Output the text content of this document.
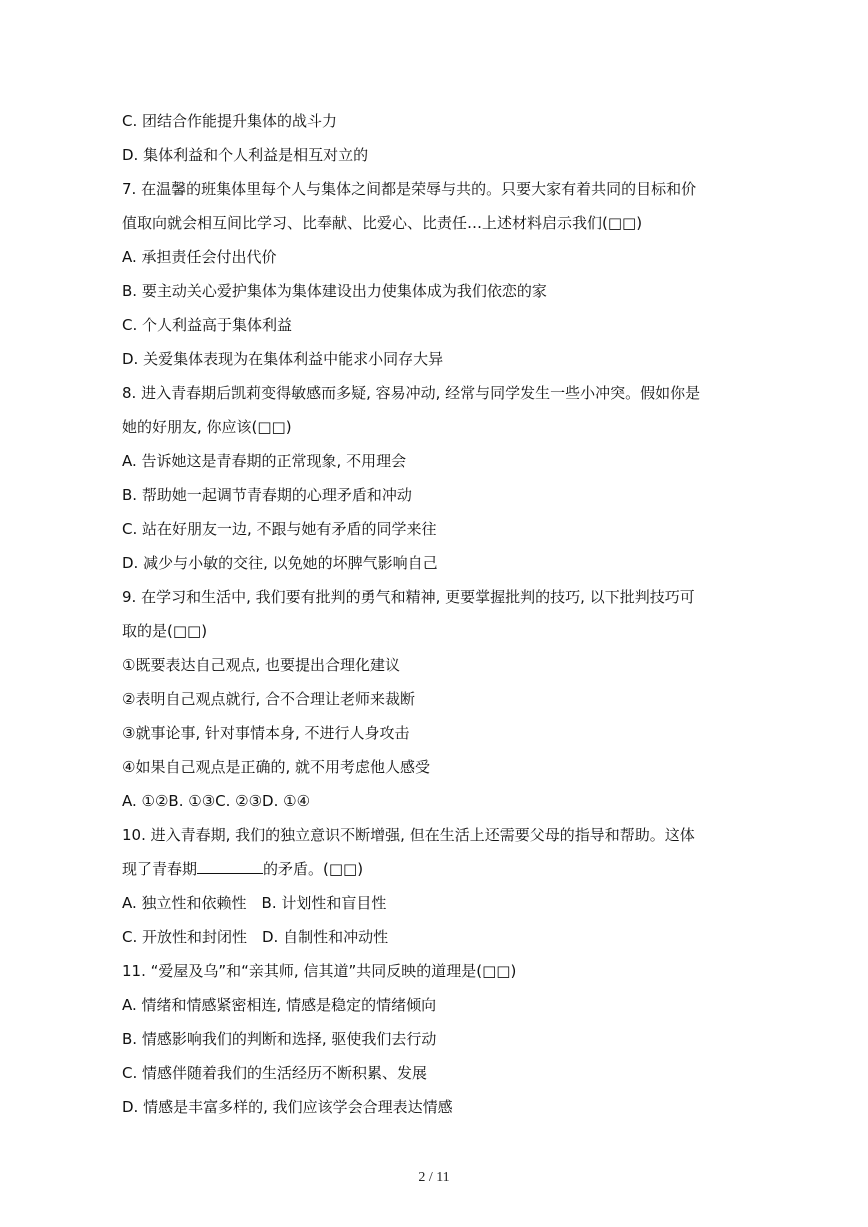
C. 团结合作能提升集体的战斗力
D. 集体利益和个人利益是相互对立的
7. 在温馨的班集体里每个人与集体之间都是荣辱与共的。只要大家有着共同的目标和价
值取向就会相互间比学习、比奉献、比爱心、比责任…上述材料启示我们(□□)
A. 承担责任会付出代价
B. 要主动关心爱护集体为集体建设出力使集体成为我们依恋的家
C. 个人利益高于集体利益
D. 关爱集体表现为在集体利益中能求小同存大异
8. 进入青春期后凯莉变得敏感而多疑, 容易冲动, 经常与同学发生一些小冲突。假如你是
她的好朋友, 你应该(□□)
A. 告诉她这是青春期的正常现象, 不用理会
B. 帮助她一起调节青春期的心理矛盾和冲动
C. 站在好朋友一边, 不跟与她有矛盾的同学来往
D. 减少与小敏的交往, 以免她的坏脾气影响自己
9. 在学习和生活中, 我们要有批判的勇气和精神, 更要掌握批判的技巧, 以下批判技巧可
取的是(□□)
①既要表达自己观点, 也要提出合理化建议
②表明自己观点就行, 合不合理让老师来裁断
③就事论事, 针对事情本身, 不进行人身攻击
④如果自己观点是正确的, 就不用考虑他人感受
A. ①②B. ①③C. ②③D. ①④
10. 进入青春期, 我们的独立意识不断增强, 但在生活上还需要父母的指导和帮助。这体
现了青春期	的矛盾。(□□)
A. 独立性和依赖性　B. 计划性和盲目性
C. 开放性和封闭性　D. 自制性和冲动性
11. “爱屋及乌”和“亲其师, 信其道”共同反映的道理是(□□)
A. 情绪和情感紧密相连, 情感是稳定的情绪倾向
B. 情感影响我们的判断和选择, 驱使我们去行动
C. 情感伴随着我们的生活经历不断积累、发展
D. 情感是丰富多样的, 我们应该学会合理表达情感
2 / 11
